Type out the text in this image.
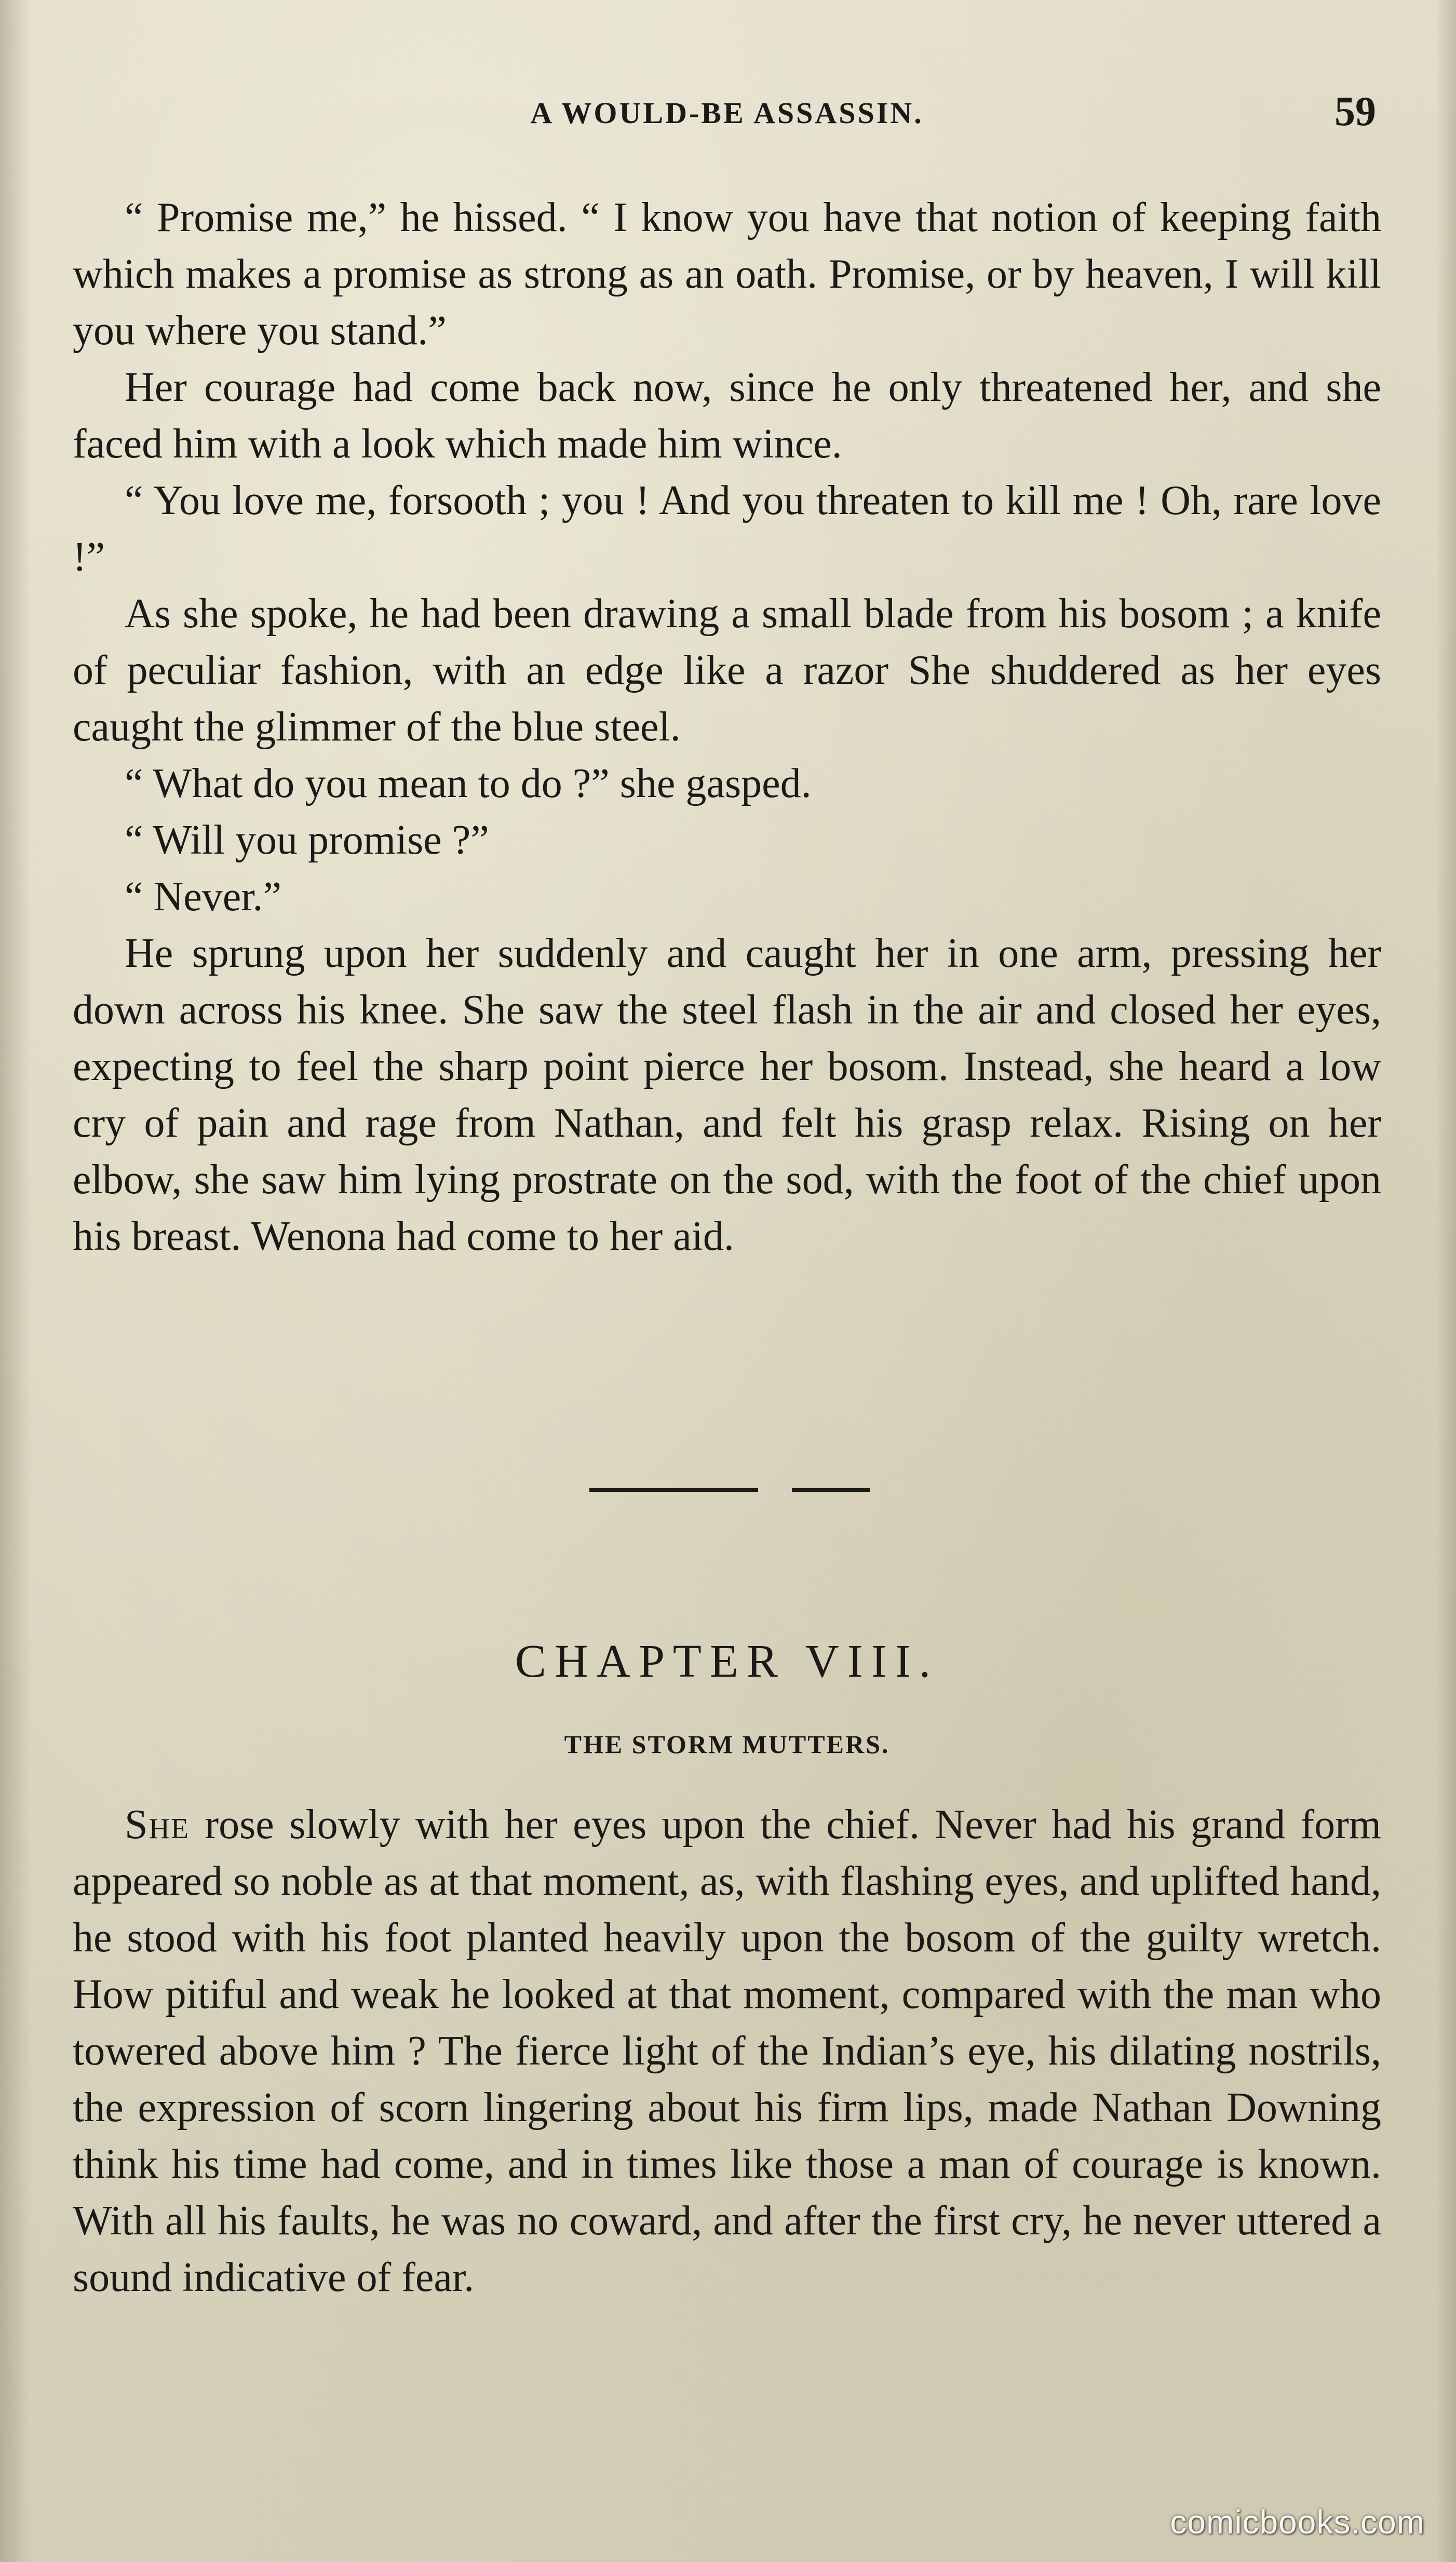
A WOULD-BE ASSASSIN.	59

“ Promise me,” he hissed. “ I know you have that notion of keeping faith which makes a promise as strong as an oath. Promise, or by heaven, I will kill you where you stand.”

Her courage had come back now, since he only threatened her, and she faced him with a look which made him wince.

“ You love me, forsooth ; you ! And you threaten to kill me ! Oh, rare love !”

As she spoke, he had been drawing a small blade from his bosom ; a knife of peculiar fashion, with an edge like a razor She shuddered as her eyes caught the glimmer of the blue steel.

“ What do you mean to do ?” she gasped.

“ Will you promise ?”

“ Never.”

He sprung upon her suddenly and caught her in one arm, pressing her down across his knee. She saw the steel flash in the air and closed her eyes, expecting to feel the sharp point pierce her bosom. Instead, she heard a low cry of pain and rage from Nathan, and felt his grasp relax. Rising on her elbow, she saw him lying prostrate on the sod, with the foot of the chief upon his breast. Wenona had come to her aid.

CHAPTER VIII.
THE STORM MUTTERS.

She rose slowly with her eyes upon the chief. Never had his grand form appeared so noble as at that moment, as, with flashing eyes, and uplifted hand, he stood with his foot planted heavily upon the bosom of the guilty wretch. How pitiful and weak he looked at that moment, compared with the man who towered above him ? The fierce light of the Indian’s eye, his dilating nostrils, the expression of scorn lingering about his firm lips, made Nathan Downing think his time had come, and in times like those a man of courage is known. With all his faults, he was no coward, and after the first cry, he never uttered a sound indicative of fear.

comicbooks.com
